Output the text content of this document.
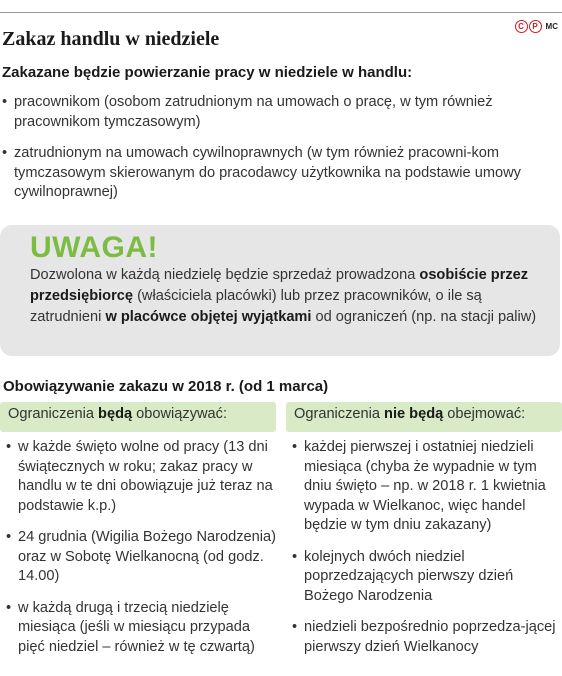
Zakaz handlu w niedziele
C	P MC

Zakazane będzie powierzanie pracy w niedziele w handlu:

• pracownikom (osobom zatrudnionym na umowach o pracę, w tym również pracownikom tymczasowym)
• zatrudnionym na umowach cywilnoprawnych (w tym również pracowni-kom tymczasowym skierowanym do pracodawcy użytkownika na podstawie umowy cywilnoprawnej)
UWAGA!

Dozwolona w każdą niedzielę będzie sprzedaż prowadzona osobiście przez przedsiębiorcę (właściciela placówki) lub przez pracowników, o ile są zatrudnieni w placówce objętej wyjątkami od ograniczeń (np. na stacji paliw)

Obowiązywanie zakazu w 2018 r. (od 1 marca)
Ograniczenia będą obowiązywać:
• w każde święto wolne od pracy (13 dni świątecznych w roku; zakaz pracy w handlu w te dni obowiązuje już teraz na podstawie k.p.)
• 24 grudnia (Wigilia Bożego Narodzenia) oraz w Sobotę Wielkanocną (od godz. 14.00)
• w każdą drugą i trzecią niedzielę miesiąca (jeśli w miesiącu przypada pięć niedziel – również w tę czwartą)
Ograniczenia nie będą obejmować:
• każdej pierwszej i ostatniej niedzieli miesiąca (chyba że wypadnie w tym dniu święto – np. w 2018 r. 1 kwietnia wypada w Wielkanoc, więc handel będzie w tym dniu zakazany)
• kolejnych dwóch niedziel poprzedzających pierwszy dzień Bożego Narodzenia
• niedzieli bezpośrednio poprzedza-jącej pierwszy dzień Wielkanocy
